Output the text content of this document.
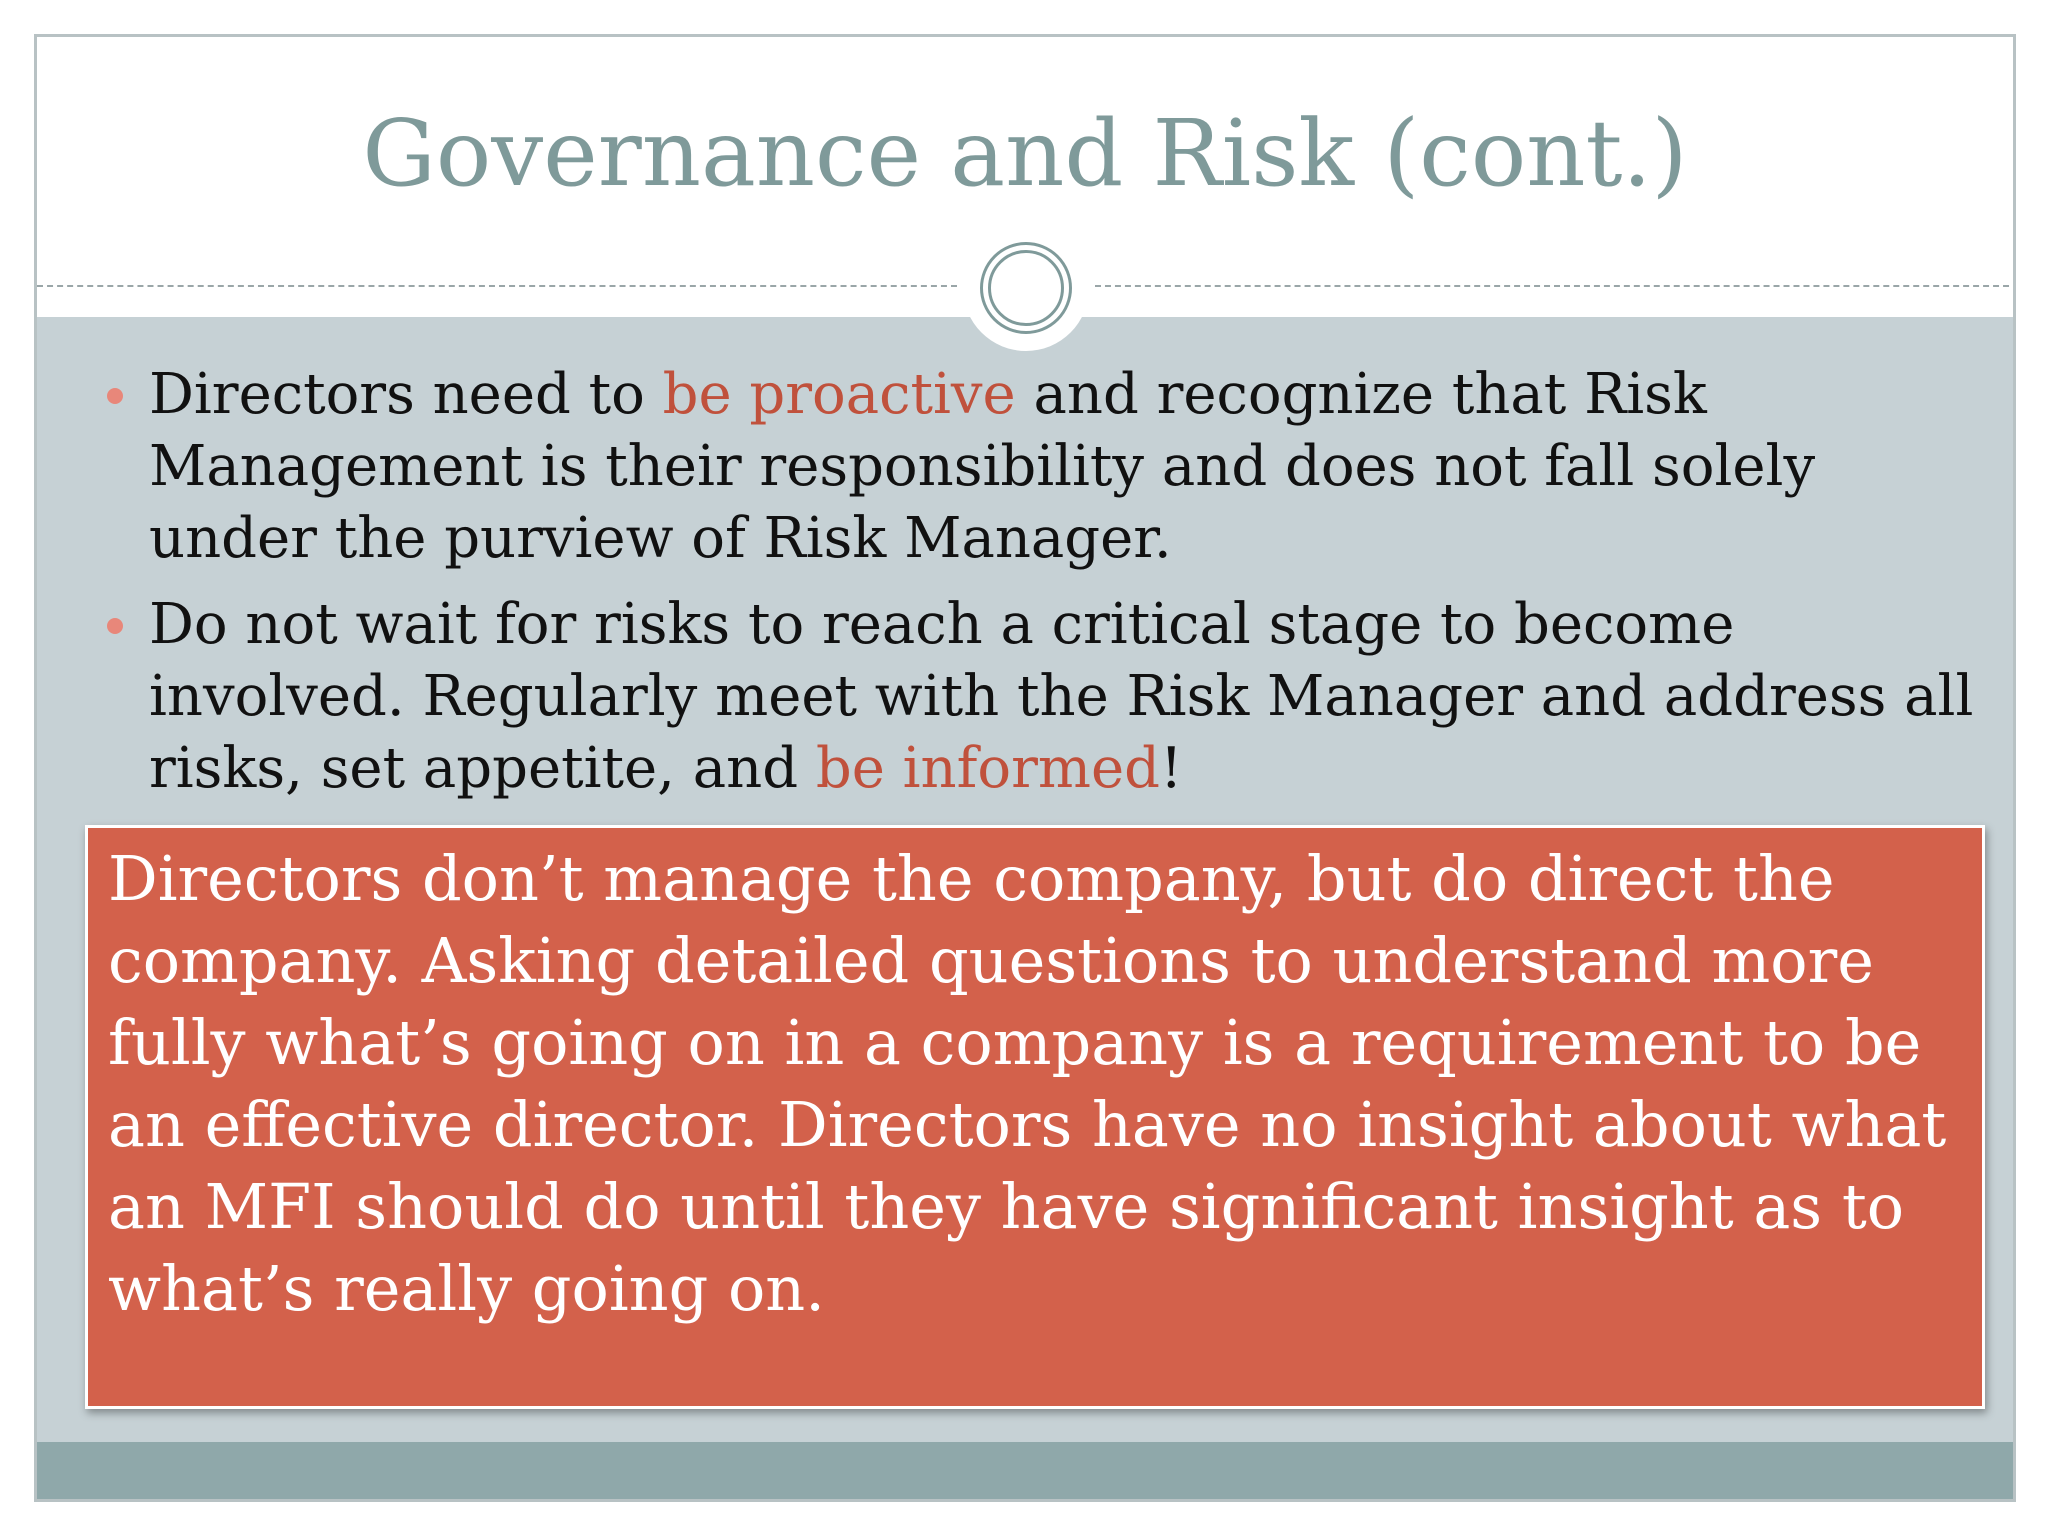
Governance and Risk (cont.)
Directors need to be proactive and recognize that Risk Management is their responsibility and does not fall solely under the purview of Risk Manager.
Do not wait for risks to reach a critical stage to become involved. Regularly meet with the Risk Manager and address all risks, set appetite, and be informed!
Directors don’t manage the company, but do direct the company. Asking detailed questions to understand more fully what’s going on in a company is a requirement to be an effective director. Directors have no insight about what an MFI should do until they have significant insight as to what’s really going on.
